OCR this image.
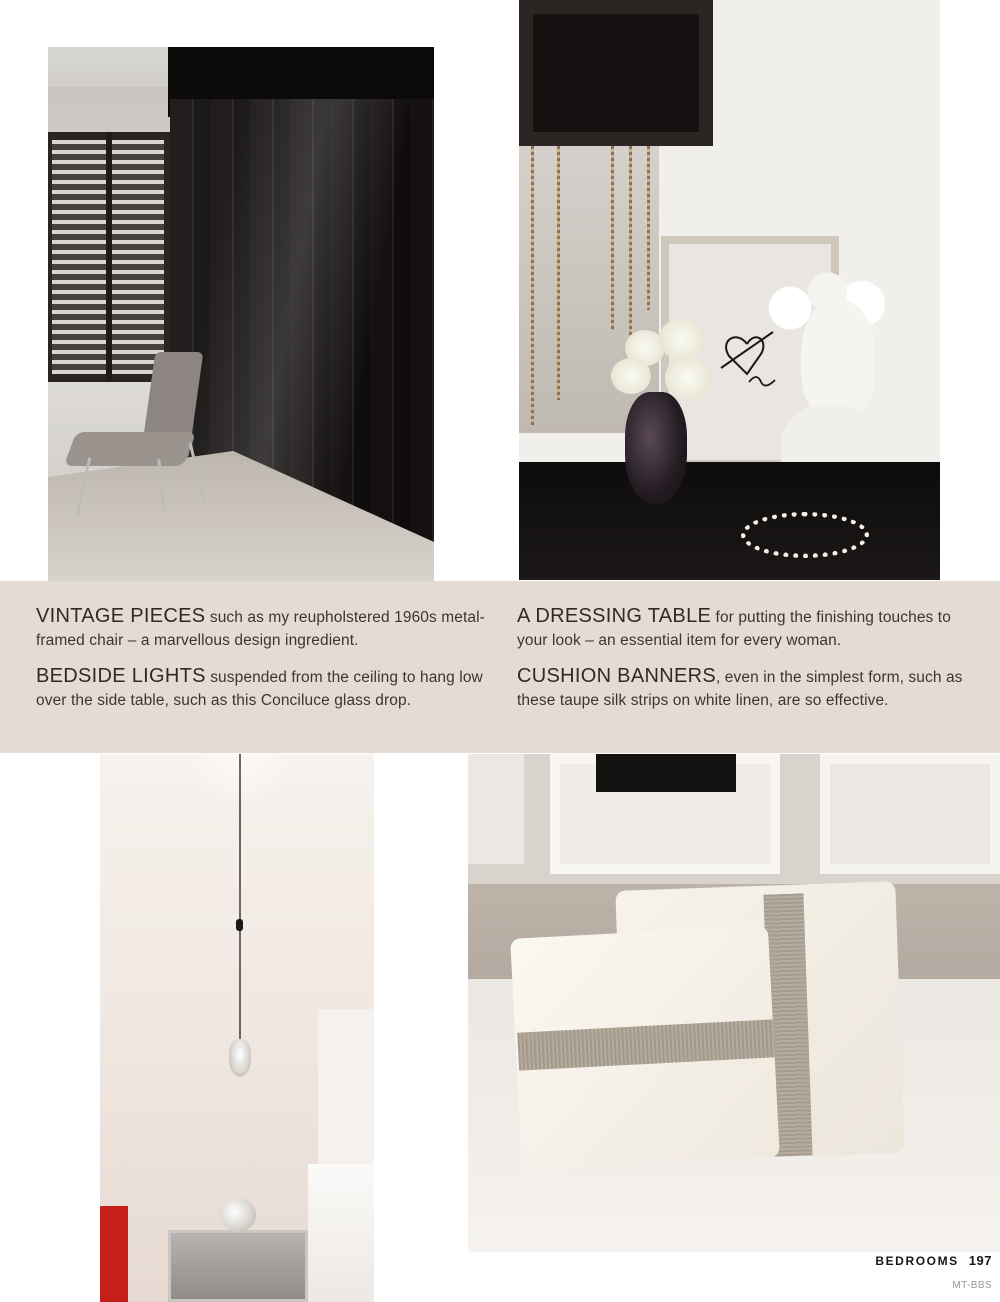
VINTAGE PIECES such as my reupholstered 1960s metal-framed chair – a marvellous design ingredient.
BEDSIDE LIGHTS suspended from the ceiling to hang low over the side table, such as this Conciluce glass drop.
A DRESSING TABLE for putting the finishing touches to your look – an essential item for every woman.
CUSHION BANNERS, even in the simplest form, such as these taupe silk strips on white linen, are so effective.
BEDROOMS 197
MT-BBS
